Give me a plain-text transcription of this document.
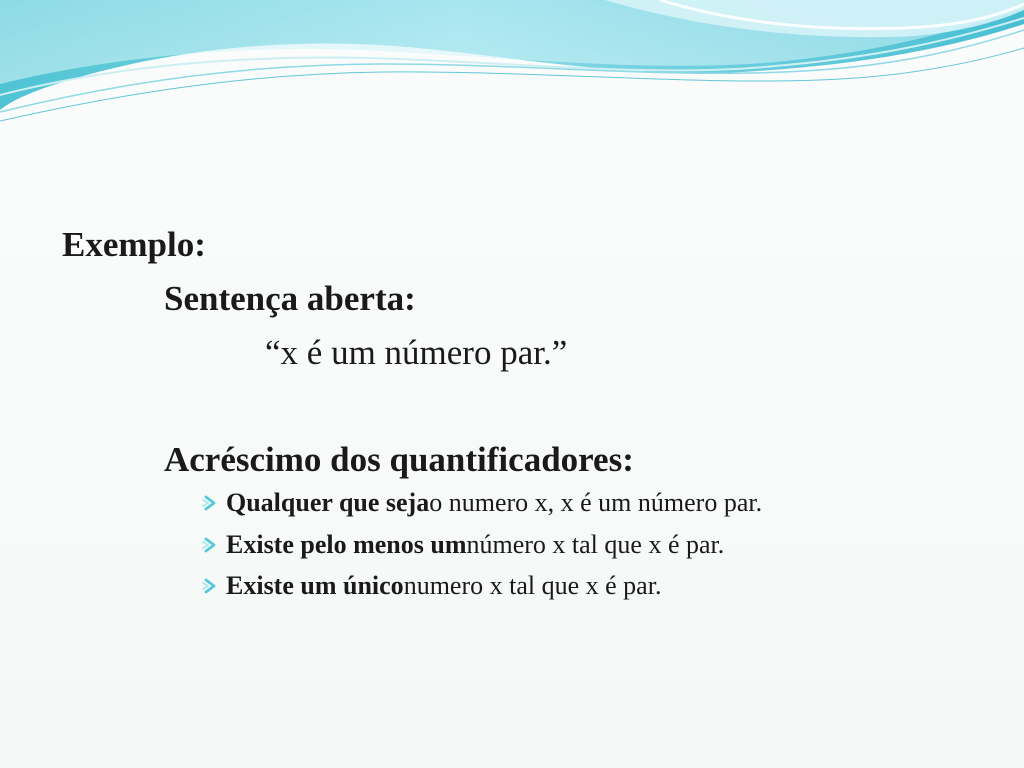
Exemplo:
Sentença aberta:
“x é um número par.”
Acréscimo dos quantificadores:
Qualquer que seja o numero x, x é um número par.
Existe pelo menos um número x tal que x é par.
Existe um único numero x tal que x é par.
